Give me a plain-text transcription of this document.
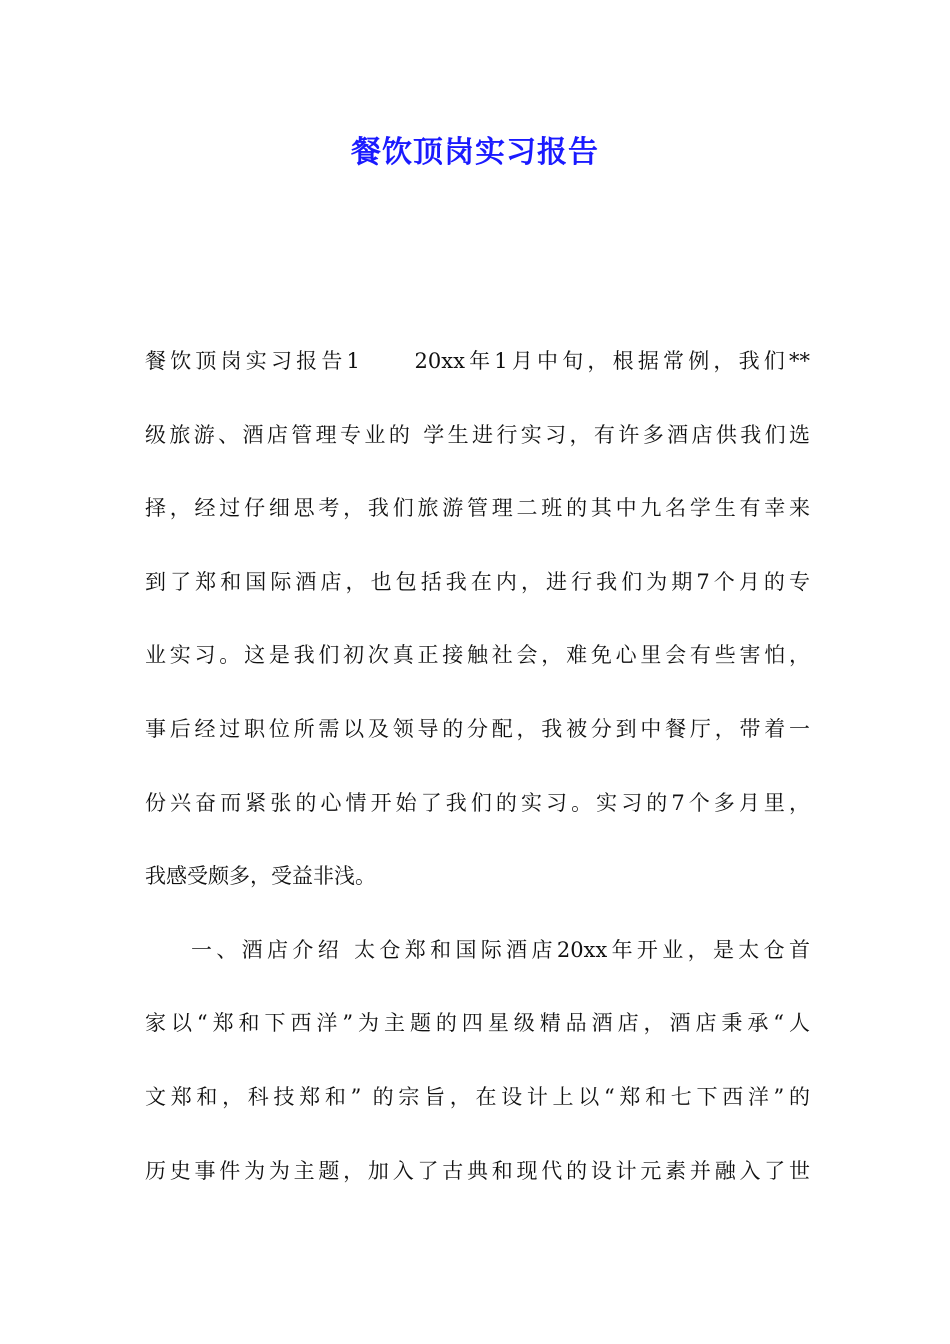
餐饮顶岗实习报告

餐饮顶岗实习报告1　　20xx年1月中旬，根据常例，我们**

级旅游、酒店管理专业的 学生进行实习，有许多酒店供我们选

择，经过仔细思考，我们旅游管理二班的其中九名学生有幸来

到了郑和国际酒店，也包括我在内，进行我们为期7个月的专

业实习。这是我们初次真正接触社会，难免心里会有些害怕，

事后经过职位所需以及领导的分配，我被分到中餐厅，带着一

份兴奋而紧张的心情开始了我们的实习。实习的7个多月里，

我感受颇多，受益非浅。

一、酒店介绍 太仓郑和国际酒店20xx年开业，是太仓首

家以“郑和下西洋”为主题的四星级精品酒店，酒店秉承“人

文郑和，科技郑和” 的宗旨，在设计上以“郑和七下西洋”的

历史事件为为主题，加入了古典和现代的设计元素并融入了世
